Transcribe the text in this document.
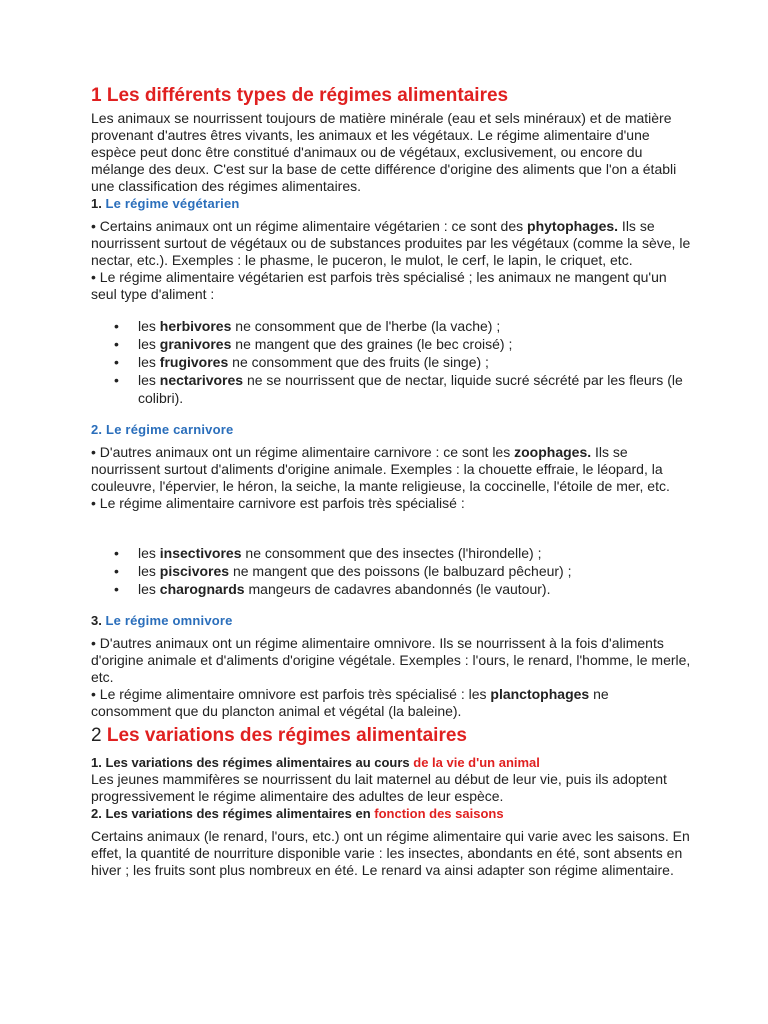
1 Les différents types de régimes alimentaires

Les animaux se nourrissent toujours de matière minérale (eau et sels minéraux) et de matière provenant d'autres êtres vivants, les animaux et les végétaux. Le régime alimentaire d'une espèce peut donc être constitué d'animaux ou de végétaux, exclusivement, ou encore du mélange des deux. C'est sur la base de cette différence d'origine des aliments que l'on a établi une classification des régimes alimentaires.

1. Le régime végétarien

• Certains animaux ont un régime alimentaire végétarien : ce sont des phytophages. Ils se nourrissent surtout de végétaux ou de substances produites par les végétaux (comme la sève, le nectar, etc.). Exemples : le phasme, le puceron, le mulot, le cerf, le lapin, le criquet, etc.

• Le régime alimentaire végétarien est parfois très spécialisé ; les animaux ne mangent qu'un seul type d'aliment :

• les herbivores ne consomment que de l'herbe (la vache) ;
• les granivores ne mangent que des graines (le bec croisé) ;
• les frugivores ne consomment que des fruits (le singe) ;
• les nectarivores ne se nourrissent que de nectar, liquide sucré sécrété par les fleurs (le colibri).
2. Le régime carnivore

• D'autres animaux ont un régime alimentaire carnivore : ce sont les zoophages. Ils se nourrissent surtout d'aliments d'origine animale. Exemples : la chouette effraie, le léopard, la couleuvre, l'épervier, le héron, la seiche, la mante religieuse, la coccinelle, l'étoile de mer, etc.

• Le régime alimentaire carnivore est parfois très spécialisé :

• les insectivores ne consomment que des insectes (l'hirondelle) ;
• les piscivores ne mangent que des poissons (le balbuzard pêcheur) ;
• les charognards mangeurs de cadavres abandonnés (le vautour).
3. Le régime omnivore

• D'autres animaux ont un régime alimentaire omnivore. Ils se nourrissent à la fois d'aliments d'origine animale et d'aliments d'origine végétale. Exemples : l'ours, le renard, l'homme, le merle, etc.

• Le régime alimentaire omnivore est parfois très spécialisé : les planctophages ne consomment que du plancton animal et végétal (la baleine).

2 Les variations des régimes alimentaires
1. Les variations des régimes alimentaires au cours de la vie d'un animal

Les jeunes mammifères se nourrissent du lait maternel au début de leur vie, puis ils adoptent progressivement le régime alimentaire des adultes de leur espèce.

2. Les variations des régimes alimentaires en fonction des saisons

Certains animaux (le renard, l'ours, etc.) ont un régime alimentaire qui varie avec les saisons. En effet, la quantité de nourriture disponible varie : les insectes, abondants en été, sont absents en hiver ; les fruits sont plus nombreux en été. Le renard va ainsi adapter son régime alimentaire.
